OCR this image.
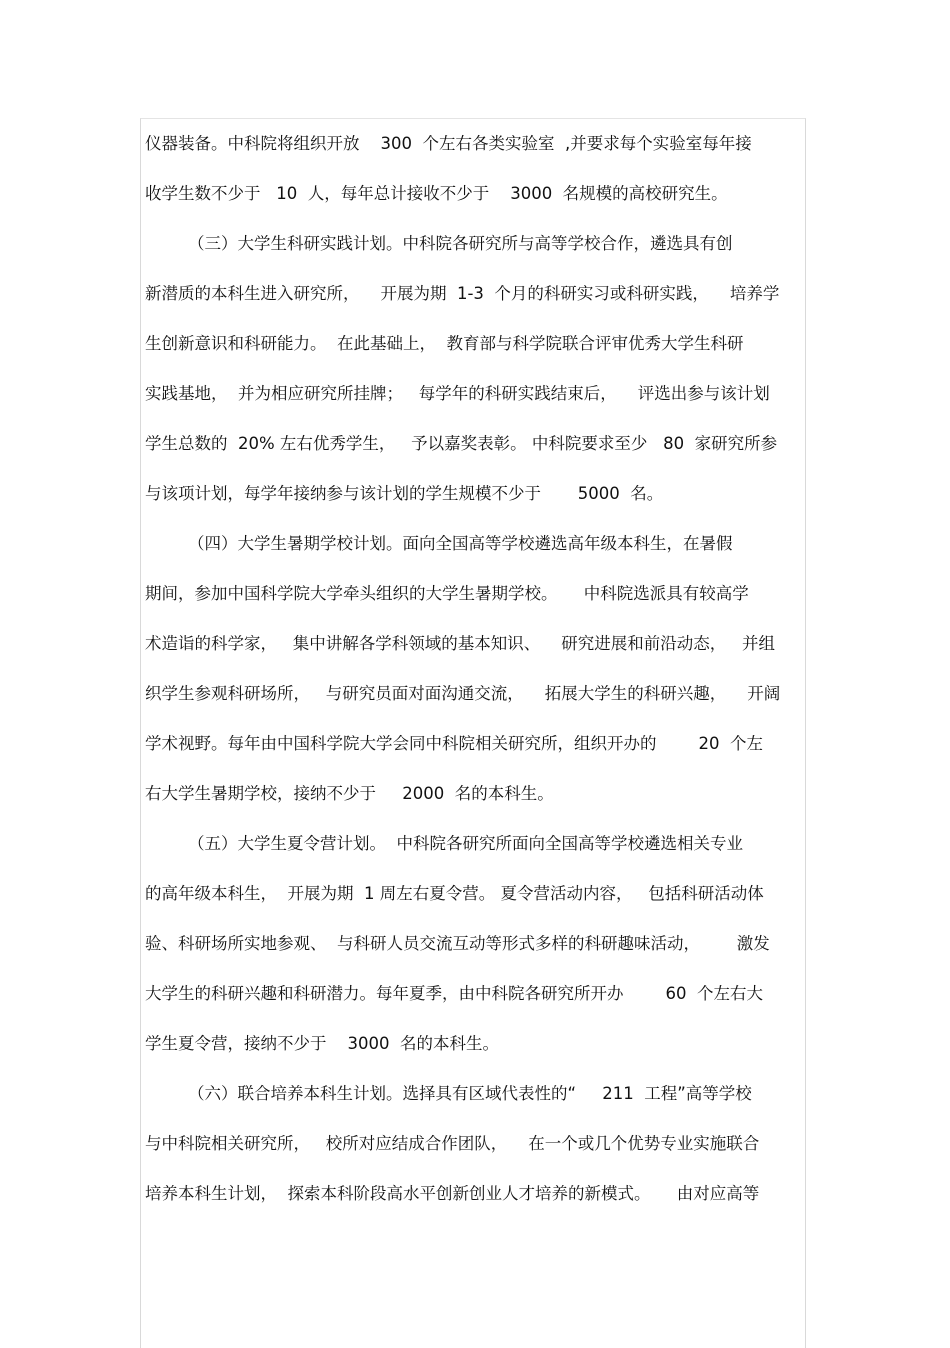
仪器装备。中科院将组织开放    300  个左右各类实验室  ,并要求每个实验室每年接
收学生数不少于   10  人，每年总计接收不少于    3000  名规模的高校研究生。
（三）大学生科研实践计划。中科院各研究所与高等学校合作，遴选具有创
新潜质的本科生进入研究所，    开展为期  1-3  个月的科研实习或科研实践，    培养学
生创新意识和科研能力。  在此基础上，  教育部与科学院联合评审优秀大学生科研
实践基地，  并为相应研究所挂牌；   每学年的科研实践结束后，    评选出参与该计划
学生总数的  20% 左右优秀学生，   予以嘉奖表彰。 中科院要求至少   80  家研究所参
与该项计划，每学年接纳参与该计划的学生规模不少于       5000  名。
（四）大学生暑期学校计划。面向全国高等学校遴选高年级本科生，在暑假
期间，参加中国科学院大学牵头组织的大学生暑期学校。     中科院选派具有较高学
术造诣的科学家，   集中讲解各学科领域的基本知识、    研究进展和前沿动态，   并组
织学生参观科研场所，   与研究员面对面沟通交流，    拓展大学生的科研兴趣，    开阔
学术视野。每年由中国科学院大学会同中科院相关研究所，组织开办的        20  个左
右大学生暑期学校，接纳不少于     2000  名的本科生。
（五）大学生夏令营计划。  中科院各研究所面向全国高等学校遴选相关专业
的高年级本科生，  开展为期  1 周左右夏令营。 夏令营活动内容，   包括科研活动体
验、科研场所实地参观、  与科研人员交流互动等形式多样的科研趣味活动，       激发
大学生的科研兴趣和科研潜力。每年夏季，由中科院各研究所开办        60  个左右大
学生夏令营，接纳不少于    3000  名的本科生。
（六）联合培养本科生计划。选择具有区域代表性的“     211  工程”高等学校
与中科院相关研究所，   校所对应结成合作团队，    在一个或几个优势专业实施联合
培养本科生计划，  探索本科阶段高水平创新创业人才培养的新模式。     由对应高等
